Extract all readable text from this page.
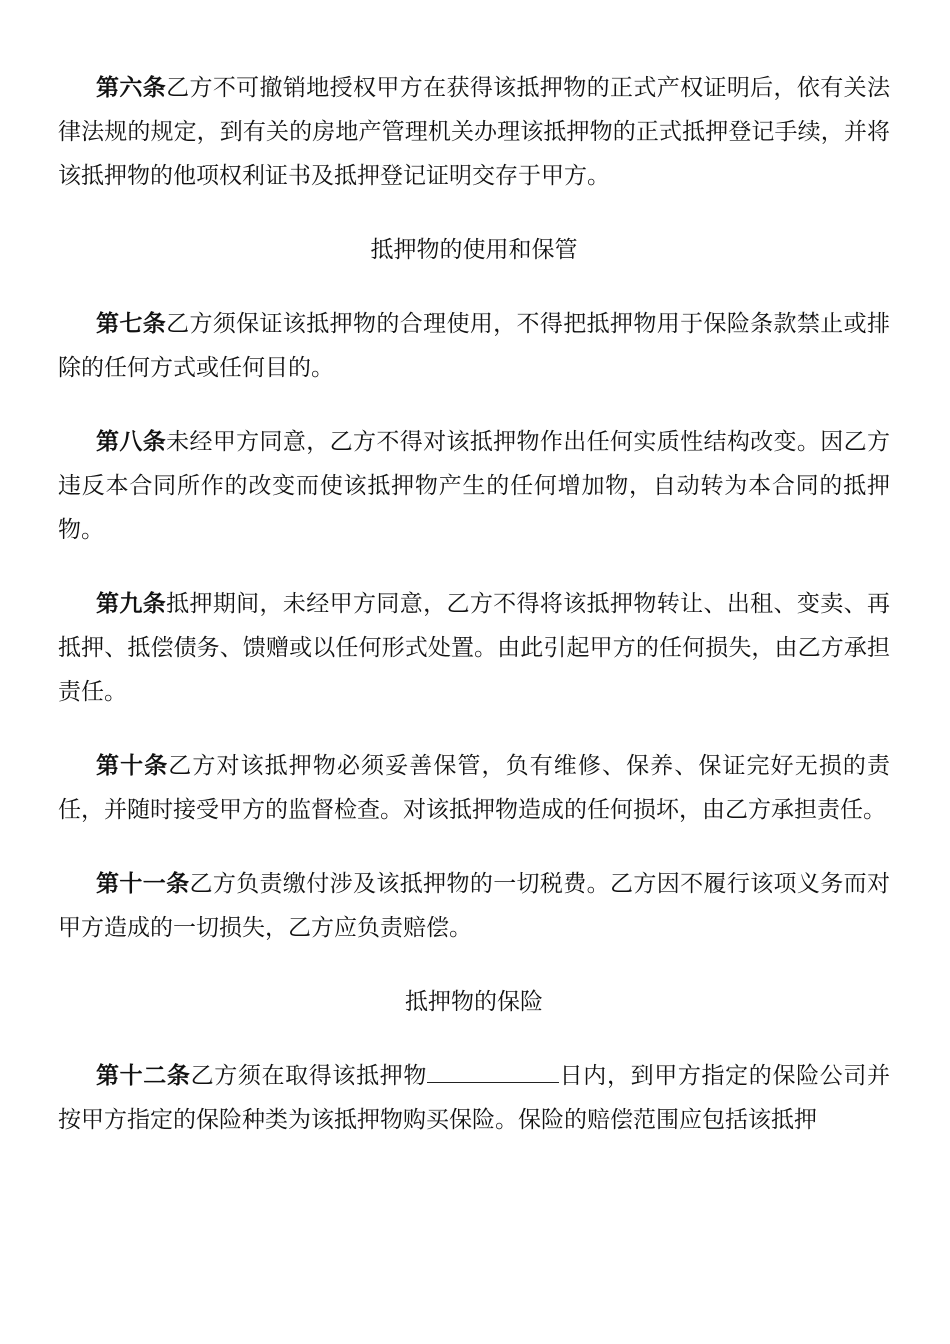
第六条乙方不可撤销地授权甲方在获得该抵押物的正式产权证明后，依有关法律法规的规定，到有关的房地产管理机关办理该抵押物的正式抵押登记手续，并将该抵押物的他项权利证书及抵押登记证明交存于甲方。

抵押物的使用和保管

第七条乙方须保证该抵押物的合理使用，不得把抵押物用于保险条款禁止或排除的任何方式或任何目的。

第八条未经甲方同意，乙方不得对该抵押物作出任何实质性结构改变。因乙方违反本合同所作的改变而使该抵押物产生的任何增加物，自动转为本合同的抵押物。

第九条抵押期间，未经甲方同意，乙方不得将该抵押物转让、出租、变卖、再抵押、抵偿债务、馈赠或以任何形式处置。由此引起甲方的任何损失，由乙方承担责任。

第十条乙方对该抵押物必须妥善保管，负有维修、保养、保证完好无损的责任，并随时接受甲方的监督检查。对该抵押物造成的任何损坏，由乙方承担责任。

第十一条乙方负责缴付涉及该抵押物的一切税费。乙方因不履行该项义务而对甲方造成的一切损失，乙方应负责赔偿。

抵押物的保险

第十二条乙方须在取得该抵押物	日内，到甲方指定的保险公司并按甲方指定的保险种类为该抵押物购买保险。保险的赔偿范围应包括该抵押
